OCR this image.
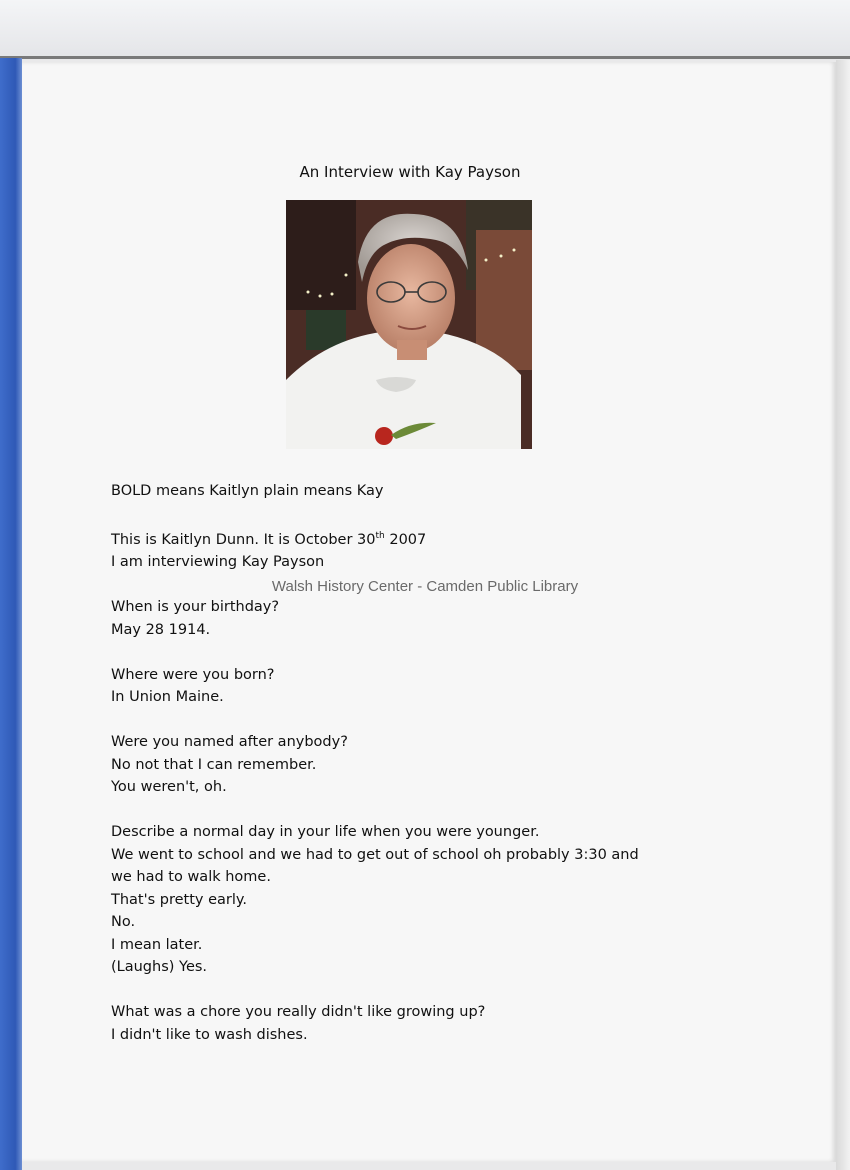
An Interview with Kay Payson
Walsh History Center - Camden Public Library
BOLD means Kaitlyn plain means Kay
This is Kaitlyn Dunn. It is October 30th 2007
I am interviewing Kay Payson
When is your birthday?
May 28 1914.
Where were you born?
In Union Maine.
Were you named after anybody?
No not that I can remember.
You weren't, oh.
Describe a normal day in your life when you were younger.
We went to school and we had to get out of school oh probably 3:30 and
we had to walk home.
That's pretty early.
No.
I mean later.
(Laughs) Yes.
What was a chore you really didn't like growing up?
I didn't like to wash dishes.
